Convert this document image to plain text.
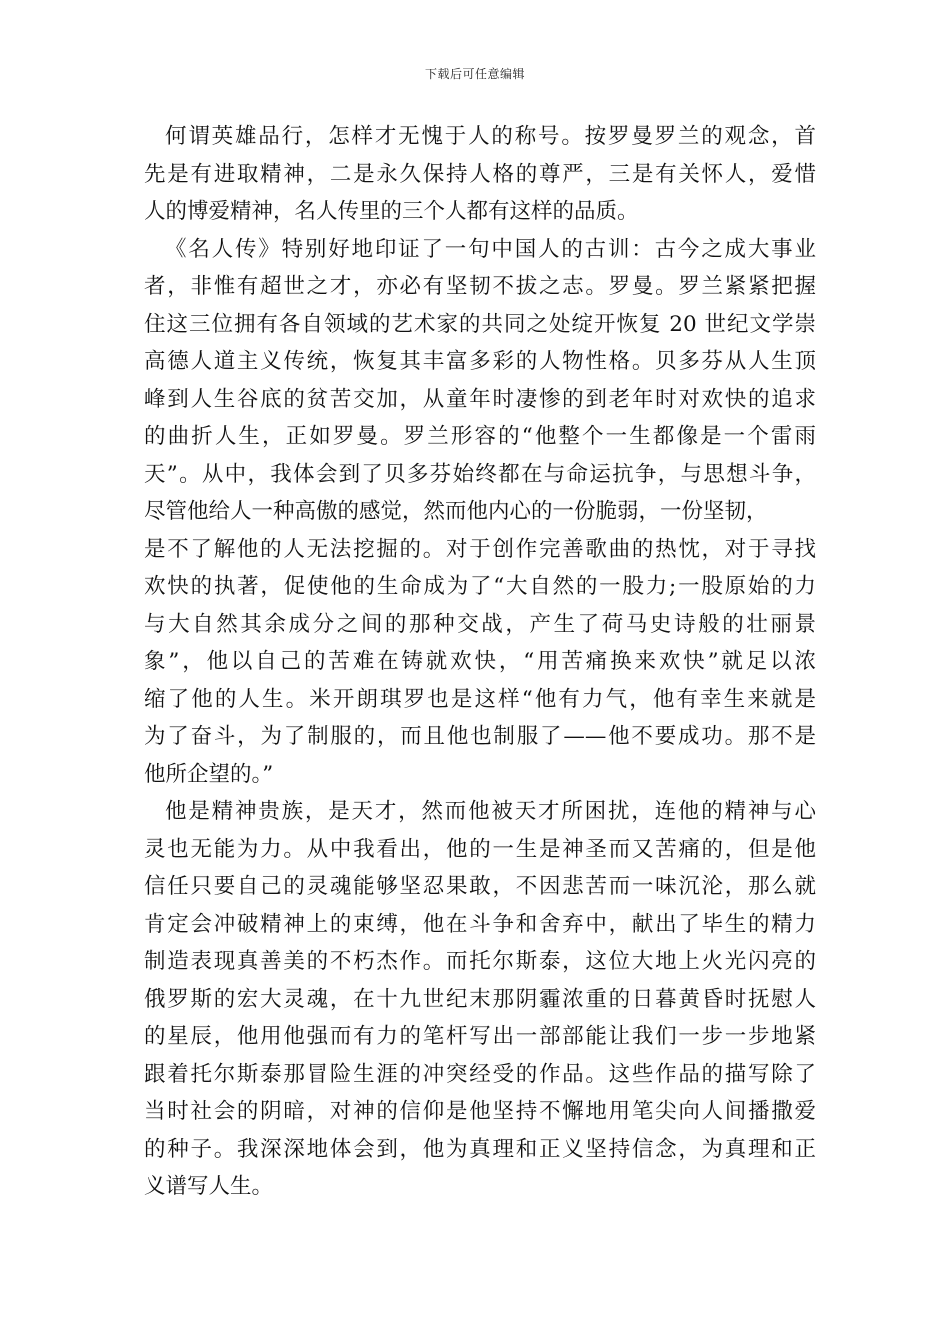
下载后可任意编辑
何谓英雄品行，怎样才无愧于人的称号。按罗曼罗兰的观念，首
先是有进取精神，二是永久保持人格的尊严，三是有关怀人，爱惜
人的博爱精神，名人传里的三个人都有这样的品质。
《名人传》特别好地印证了一句中国人的古训：古今之成大事业
者，非惟有超世之才，亦必有坚韧不拔之志。罗曼。罗兰紧紧把握
住这三位拥有各自领域的艺术家的共同之处绽开恢复 20 世纪文学崇
高德人道主义传统，恢复其丰富多彩的人物性格。贝多芬从人生顶
峰到人生谷底的贫苦交加，从童年时凄惨的到老年时对欢快的追求
的曲折人生，正如罗曼。罗兰形容的“他整个一生都像是一个雷雨
天”。从中，我体会到了贝多芬始终都在与命运抗争，与思想斗争，
尽管他给人一种高傲的感觉，然而他内心的一份脆弱，一份坚韧，
是不了解他的人无法挖掘的。对于创作完善歌曲的热忱，对于寻找
欢快的执著，促使他的生命成为了“大自然的一股力;一股原始的力
与大自然其余成分之间的那种交战，产生了荷马史诗般的壮丽景
象”，他以自己的苦难在铸就欢快，“用苦痛换来欢快”就足以浓
缩了他的人生。米开朗琪罗也是这样“他有力气，他有幸生来就是
为了奋斗，为了制服的，而且他也制服了——他不要成功。那不是
他所企望的。”
他是精神贵族，是天才，然而他被天才所困扰，连他的精神与心
灵也无能为力。从中我看出，他的一生是神圣而又苦痛的，但是他
信任只要自己的灵魂能够坚忍果敢，不因悲苦而一味沉沦，那么就
肯定会冲破精神上的束缚，他在斗争和舍弃中，献出了毕生的精力
制造表现真善美的不朽杰作。而托尔斯泰，这位大地上火光闪亮的
俄罗斯的宏大灵魂，在十九世纪末那阴霾浓重的日暮黄昏时抚慰人
的星辰，他用他强而有力的笔杆写出一部部能让我们一步一步地紧
跟着托尔斯泰那冒险生涯的冲突经受的作品。这些作品的描写除了
当时社会的阴暗，对神的信仰是他坚持不懈地用笔尖向人间播撒爱
的种子。我深深地体会到，他为真理和正义坚持信念，为真理和正
义谱写人生。
